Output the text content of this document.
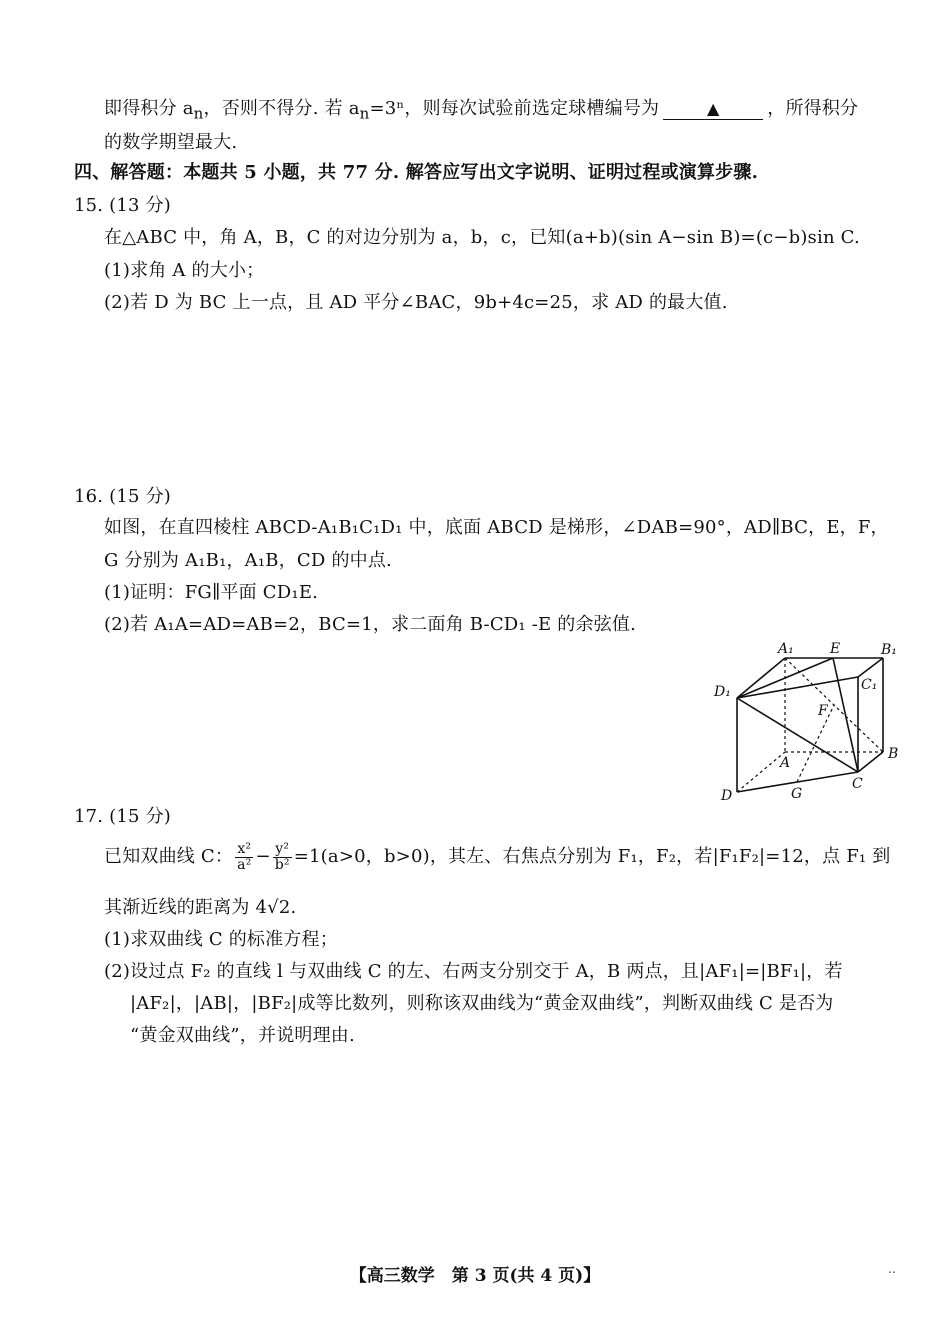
即得积分 $a_n$，否则不得分. 若 $a_n=3^n$，则每次试验前选定球槽编号为	▲	，所得积分
的数学期望最大.
四、解答题：本题共 5 小题，共 77 分. 解答应写出文字说明、证明过程或演算步骤.
15. (13 分)
在△ABC 中，角 A，B，C 的对边分别为 a，b，c，已知(a+b)(sin A−sin B)=(c−b)sin C.
(1)求角 A 的大小；
(2)若 D 为 BC 上一点，且 AD 平分∠BAC，9b+4c=25，求 AD 的最大值.
16. (15 分)
如图，在直四棱柱 ABCD-A₁B₁C₁D₁ 中，底面 ABCD 是梯形，∠DAB=90°，AD∥BC，E，F，
G 分别为 A₁B₁，A₁B，CD 的中点.
(1)证明：FG∥平面 CD₁E.
(2)若 A₁A=AD=AB=2，BC=1，求二面角 B-CD₁ -E 的余弦值.
A₁	E	B₁
D₁	C₁
F
B
A
C
D	G
17. (15 分)
已知双曲线 C： $\frac{\text{x²}}{\text{a²}} - \frac{\text{y²}}{\text{b²}} =1(a>0$，b>0)，其左、右焦点分别为 F₁，F₂，若|F₁F₂|=12，点 F₁ 到
其渐近线的距离为 4√2.
(1)求双曲线 C 的标准方程；
(2)设过点 F₂ 的直线 l 与双曲线 C 的左、右两支分别交于 A，B 两点，且|AF₁|=|BF₁|，若
|AF₂|，|AB|，|BF₂|成等比数列，则称该双曲线为“黄金双曲线”，判断双曲线 C 是否为
“黄金双曲线”，并说明理由.
【高三数学　第 3 页(共 4 页)】	..
